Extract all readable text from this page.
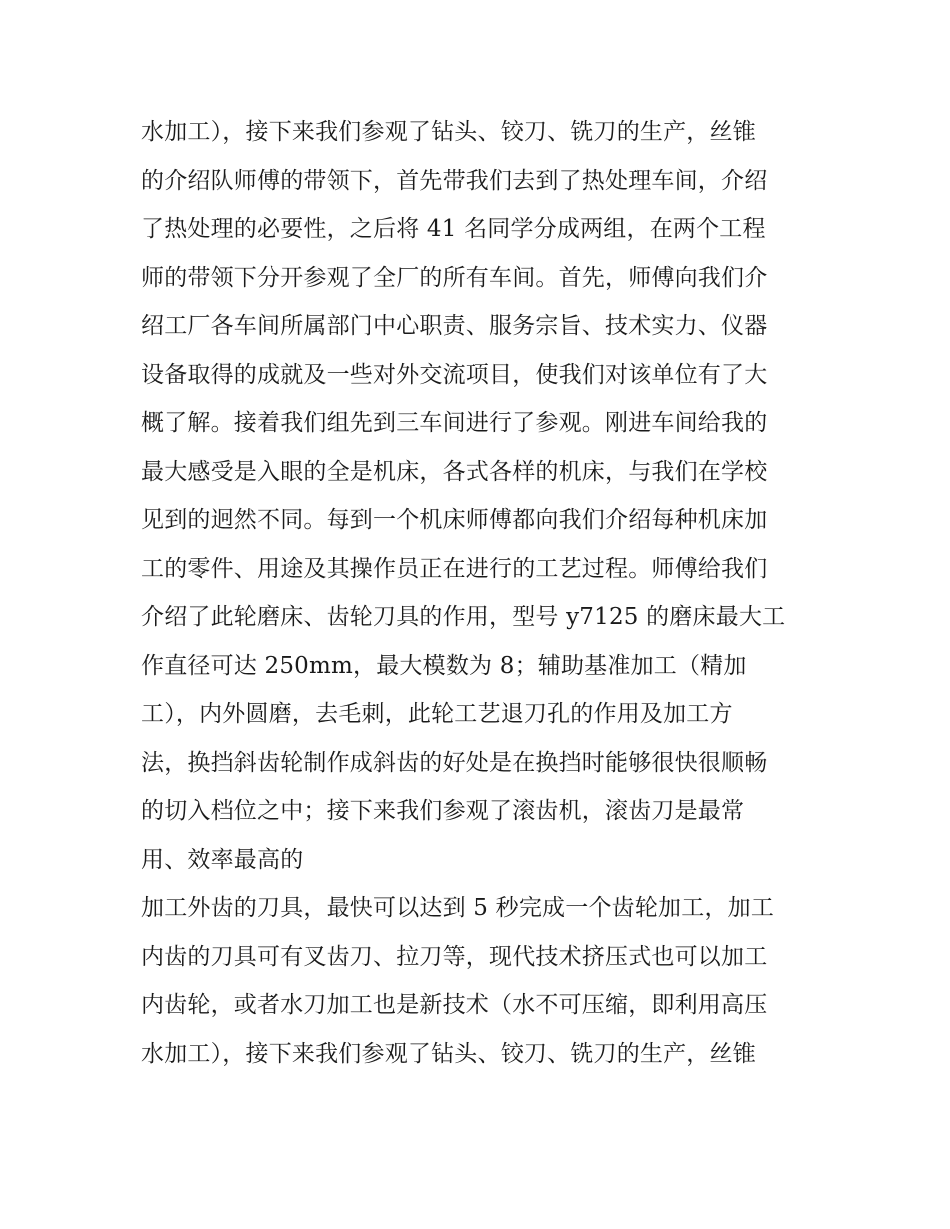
水加工），接下来我们参观了钻头、铰刀、铣刀的生产，丝锥
的介绍队师傅的带领下，首先带我们去到了热处理车间，介绍
了热处理的必要性，之后将 41 名同学分成两组，在两个工程
师的带领下分开参观了全厂的所有车间。首先，师傅向我们介
绍工厂各车间所属部门中心职责、服务宗旨、技术实力、仪器
设备取得的成就及一些对外交流项目，使我们对该单位有了大
概了解。接着我们组先到三车间进行了参观。刚进车间给我的
最大感受是入眼的全是机床，各式各样的机床，与我们在学校
见到的迥然不同。每到一个机床师傅都向我们介绍每种机床加
工的零件、用途及其操作员正在进行的工艺过程。师傅给我们
介绍了此轮磨床、齿轮刀具的作用，型号 y7125 的磨床最大工
作直径可达 250mm，最大模数为 8；辅助基准加工（精加
工），内外圆磨，去毛刺，此轮工艺退刀孔的作用及加工方
法，换挡斜齿轮制作成斜齿的好处是在换挡时能够很快很顺畅
的切入档位之中；接下来我们参观了滚齿机，滚齿刀是最常
用、效率最高的
加工外齿的刀具，最快可以达到 5 秒完成一个齿轮加工，加工
内齿的刀具可有叉齿刀、拉刀等，现代技术挤压式也可以加工
内齿轮，或者水刀加工也是新技术（水不可压缩，即利用高压
水加工），接下来我们参观了钻头、铰刀、铣刀的生产，丝锥
